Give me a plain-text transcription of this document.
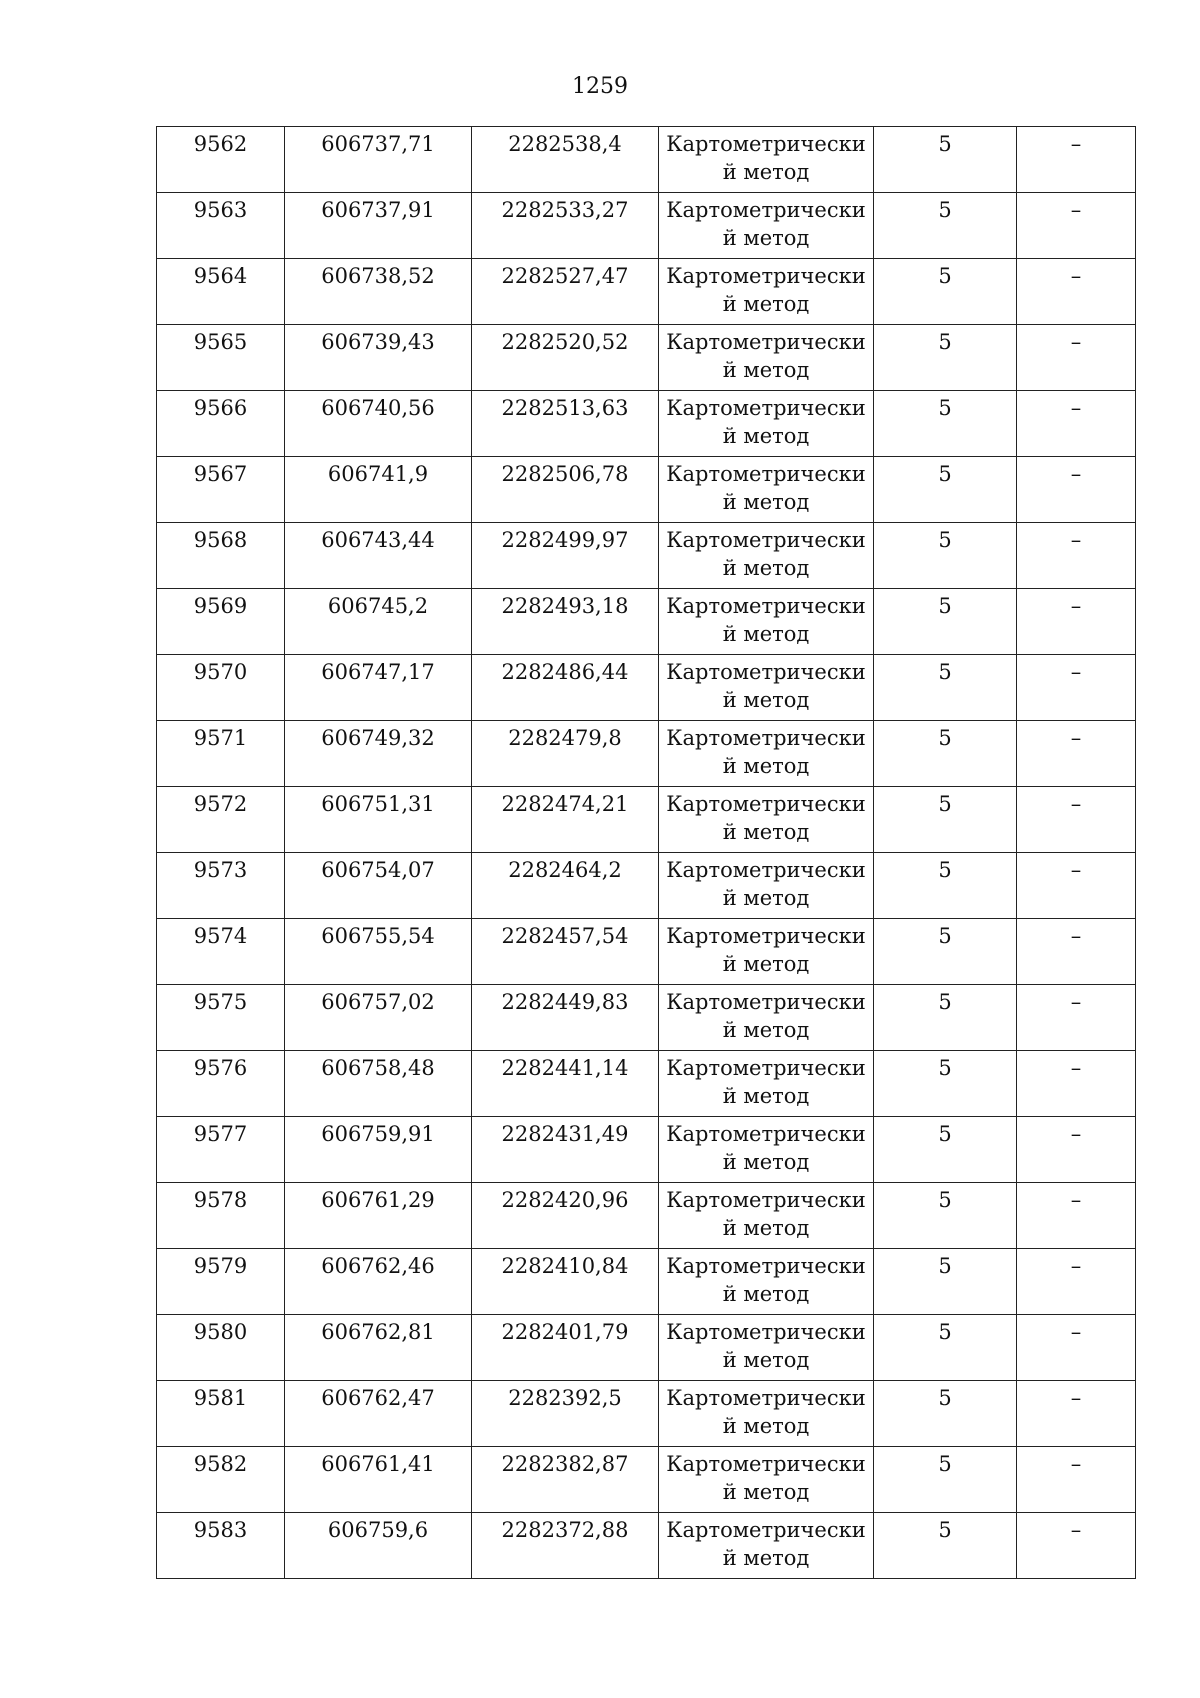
1259
9562	606737,71	2282538,4	Картометрически
й метод	5	–
9563	606737,91	2282533,27	Картометрически
й метод	5	–
9564	606738,52	2282527,47	Картометрически
й метод	5	–
9565	606739,43	2282520,52	Картометрически
й метод	5	–
9566	606740,56	2282513,63	Картометрически
й метод	5	–
9567	606741,9	2282506,78	Картометрически
й метод	5	–
9568	606743,44	2282499,97	Картометрически
й метод	5	–
9569	606745,2	2282493,18	Картометрически
й метод	5	–
9570	606747,17	2282486,44	Картометрически
й метод	5	–
9571	606749,32	2282479,8	Картометрически
й метод	5	–
9572	606751,31	2282474,21	Картометрически
й метод	5	–
9573	606754,07	2282464,2	Картометрически
й метод	5	–
9574	606755,54	2282457,54	Картометрически
й метод	5	–
9575	606757,02	2282449,83	Картометрически
й метод	5	–
9576	606758,48	2282441,14	Картометрически
й метод	5	–
9577	606759,91	2282431,49	Картометрически
й метод	5	–
9578	606761,29	2282420,96	Картометрически
й метод	5	–
9579	606762,46	2282410,84	Картометрически
й метод	5	–
9580	606762,81	2282401,79	Картометрически
й метод	5	–
9581	606762,47	2282392,5	Картометрически
й метод	5	–
9582	606761,41	2282382,87	Картометрически
й метод	5	–
9583	606759,6	2282372,88	Картометрически
й метод	5	–
